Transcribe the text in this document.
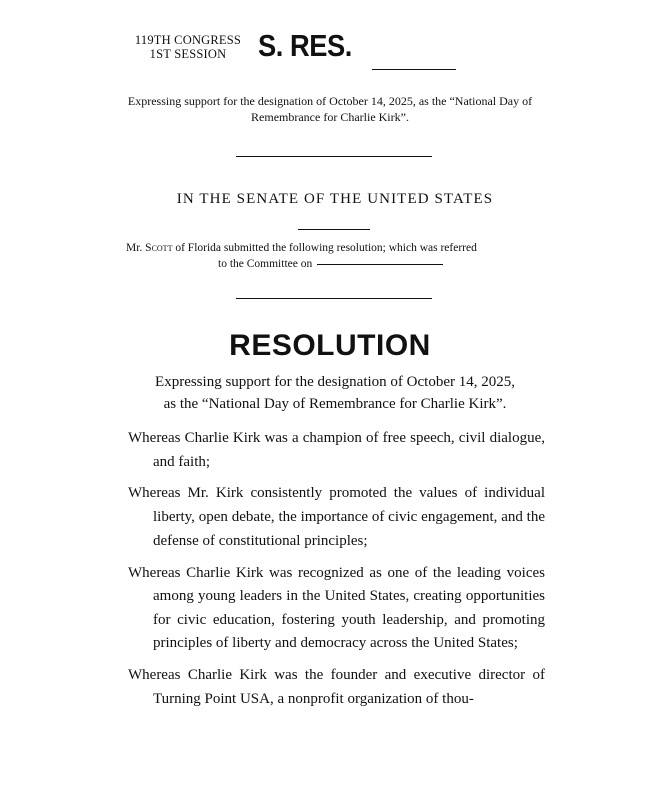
119TH CONGRESS
1ST SESSION	S. RES.
Expressing support for the designation of October 14, 2025, as the “National Day of Remembrance for Charlie Kirk”.
IN THE SENATE OF THE UNITED STATES
Mr. Scott of Florida submitted the following resolution; which was referred
to the Committee on
RESOLUTION
Expressing support for the designation of October 14, 2025,
as the “National Day of Remembrance for Charlie Kirk”.

Whereas Charlie Kirk was a champion of free speech, civil dialogue, and faith;

Whereas Mr. Kirk consistently promoted the values of individual liberty, open debate, the importance of civic engagement, and the defense of constitutional principles;

Whereas Charlie Kirk was recognized as one of the leading voices among young leaders in the United States, creating opportunities for civic education, fostering youth leadership, and promoting principles of liberty and democracy across the United States;

Whereas Charlie Kirk was the founder and executive director of Turning Point USA, a nonprofit organization of thou-
